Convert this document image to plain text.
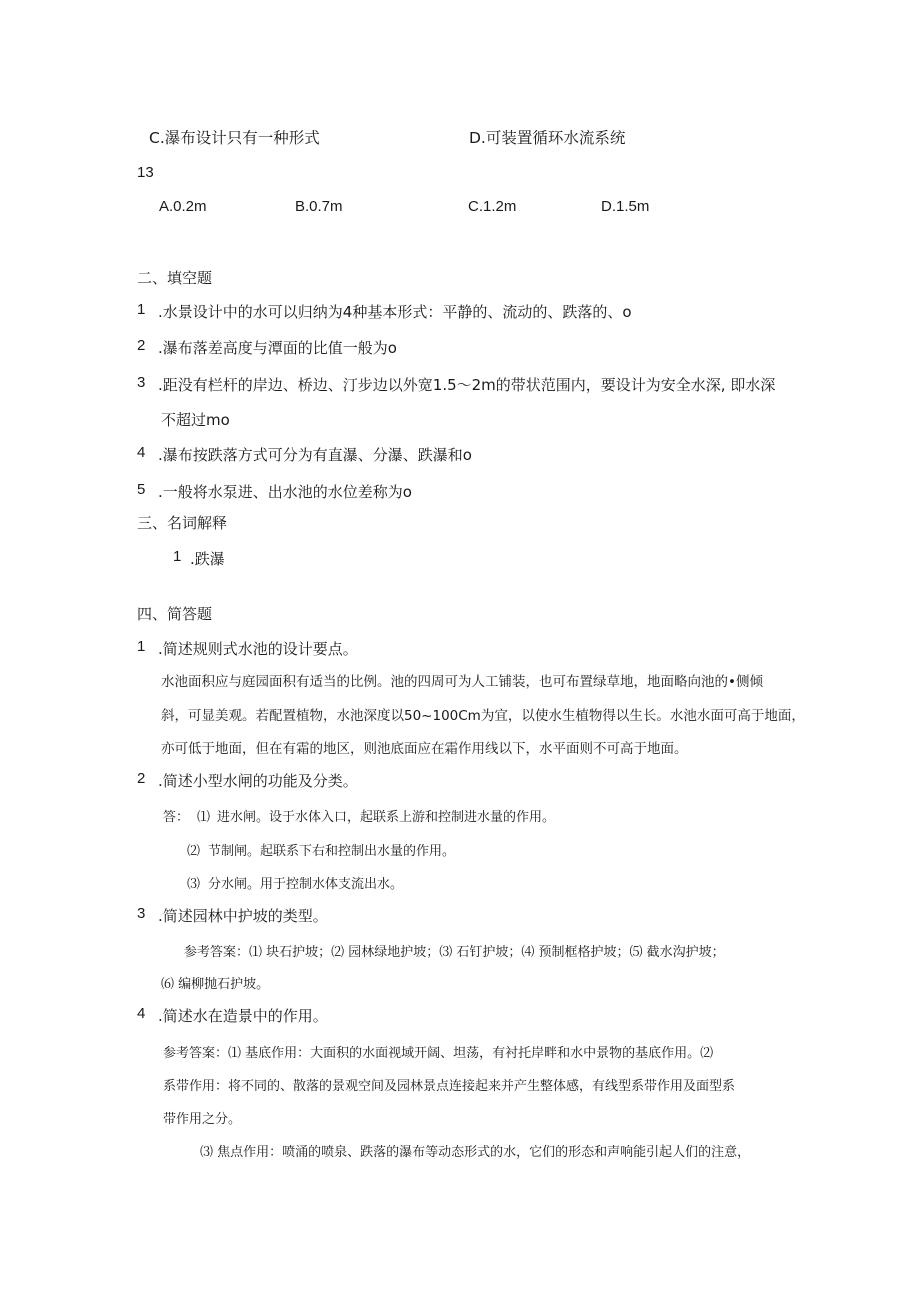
C.瀑布设计只有一种形式	D.可装置循环水流系统
13
A.0.2m	B.0.7m	C.1.2m	D.1.5m
二、填空题
1 .水景设计中的水可以归纳为4种基本形式：平静的、流动的、跌落的、o
2 .瀑布落差高度与潭面的比值一般为o
3 .距没有栏杆的岸边、桥边、汀步边以外宽1.5〜2m的带状范围内，要设计为安全水深, 即水深
不超过mo
4 .瀑布按跌落方式可分为有直瀑、分瀑、跌瀑和o
5 .一般将水泵进、出水池的水位差称为o
三、名词解释
1 .跌瀑
四、简答题
1 .简述规则式水池的设计要点。
水池面积应与庭园面积有适当的比例。池的四周可为人工铺装，也可布置绿草地，地面略向池的•侧倾
斜，可显美观。若配置植物，水池深度以50~100Cm为宜，以使水生植物得以生长。水池水面可高于地面，
亦可低于地面，但在有霜的地区，则池底面应在霜作用线以下，水平面则不可高于地面。
2 .简述小型水闸的功能及分类。
答： ⑴ 进水闸。设于水体入口，起联系上游和控制进水量的作用。
⑵ 节制闸。起联系下右和控制出水量的作用。
⑶ 分水闸。用于控制水体支流出水。
3 .简述园林中护坡的类型。
参考答案：⑴ 块石护坡；⑵ 园林绿地护坡；⑶ 石钉护坡；⑷ 预制框格护坡；⑸ 截水沟护坡；
⑹ 编柳抛石护坡。
4 .简述水在造景中的作用。
参考答案：⑴ 基底作用：大面积的水面视域开阔、坦荡，有衬托岸畔和水中景物的基底作用。⑵
系带作用：将不同的、散落的景观空间及园林景点连接起来并产生整体感，有线型系带作用及面型系
带作用之分。
⑶ 焦点作用：喷涌的喷泉、跌落的瀑布等动态形式的水，它们的形态和声响能引起人们的注意，
